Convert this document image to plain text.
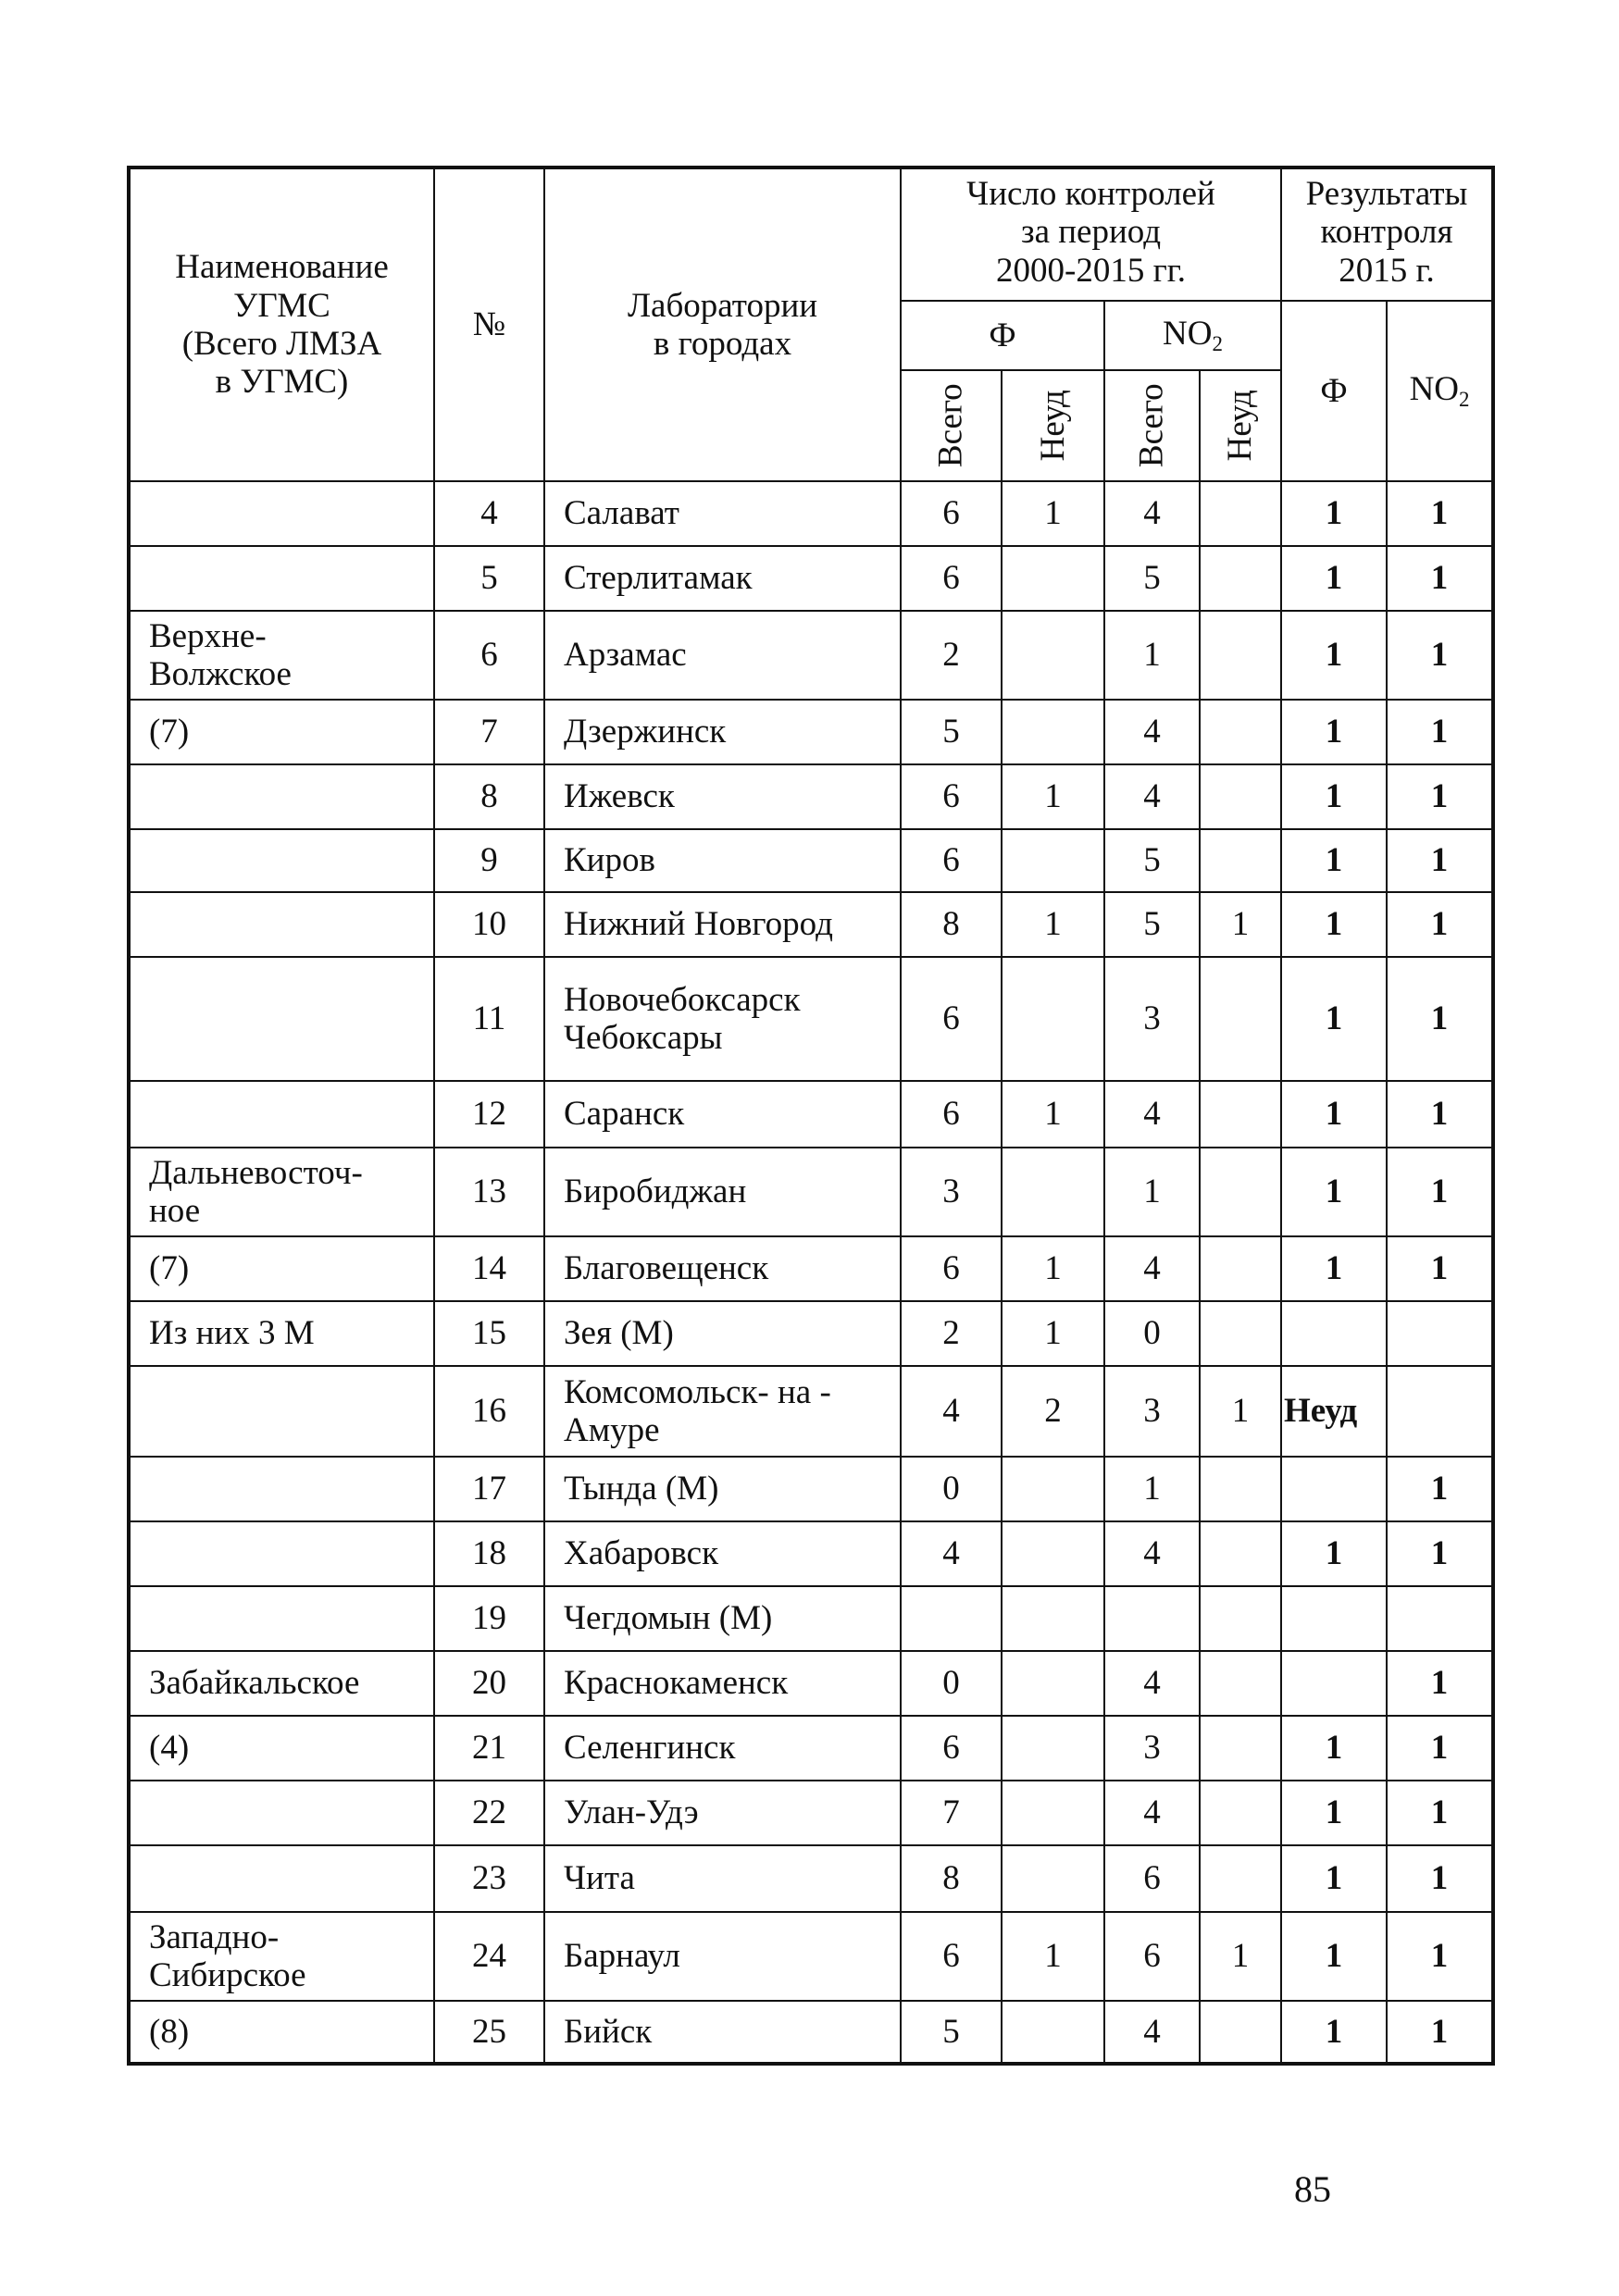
Наименование
УГМС
(Всего ЛМЗА
в УГМС)	№	Лаборатории
в городах	Число контролей
за период
2000-2015 гг.				Результаты
контроля
2015 г.	
			Ф		$NO_2$		Ф	$NO_2$

			Всего	Неуд	Всего	Неуд		

	4	Салават	6	1	4		1	1
	5	Стерлитамак	6		5		1	1
Верхне-
Волжское	6	Арзамас	2		1		1	1
(7)	7	Дзержинск	5		4		1	1
	8	Ижевск	6	1	4		1	1
	9	Киров	6		5		1	1
	10	Нижний Новгород	8	1	5	1	1	1
	11	Новочебоксарск
Чебоксары	6		3		1	1
	12	Саранск	6	1	4		1	1
Дальневосточ-
ное	13	Биробиджан	3		1		1	1
(7)	14	Благовещенск	6	1	4		1	1
Из них 3 М	15	Зея (М)	2	1	0			
	16	Комсомольск- на -
Амуре	4	2	3	1	Неуд	
	17	Тында (М)	0		1			1
	18	Хабаровск	4		4		1	1
	19	Чегдомын (М)						
Забайкальское	20	Краснокаменск	0		4			1
(4)	21	Селенгинск	6		3		1	1
	22	Улан-Удэ	7		4		1	1
	23	Чита	8		6		1	1
Западно-
Сибирское	24	Барнаул	6	1	6	1	1	1
(8)	25	Бийск	5		4		1	1
85
